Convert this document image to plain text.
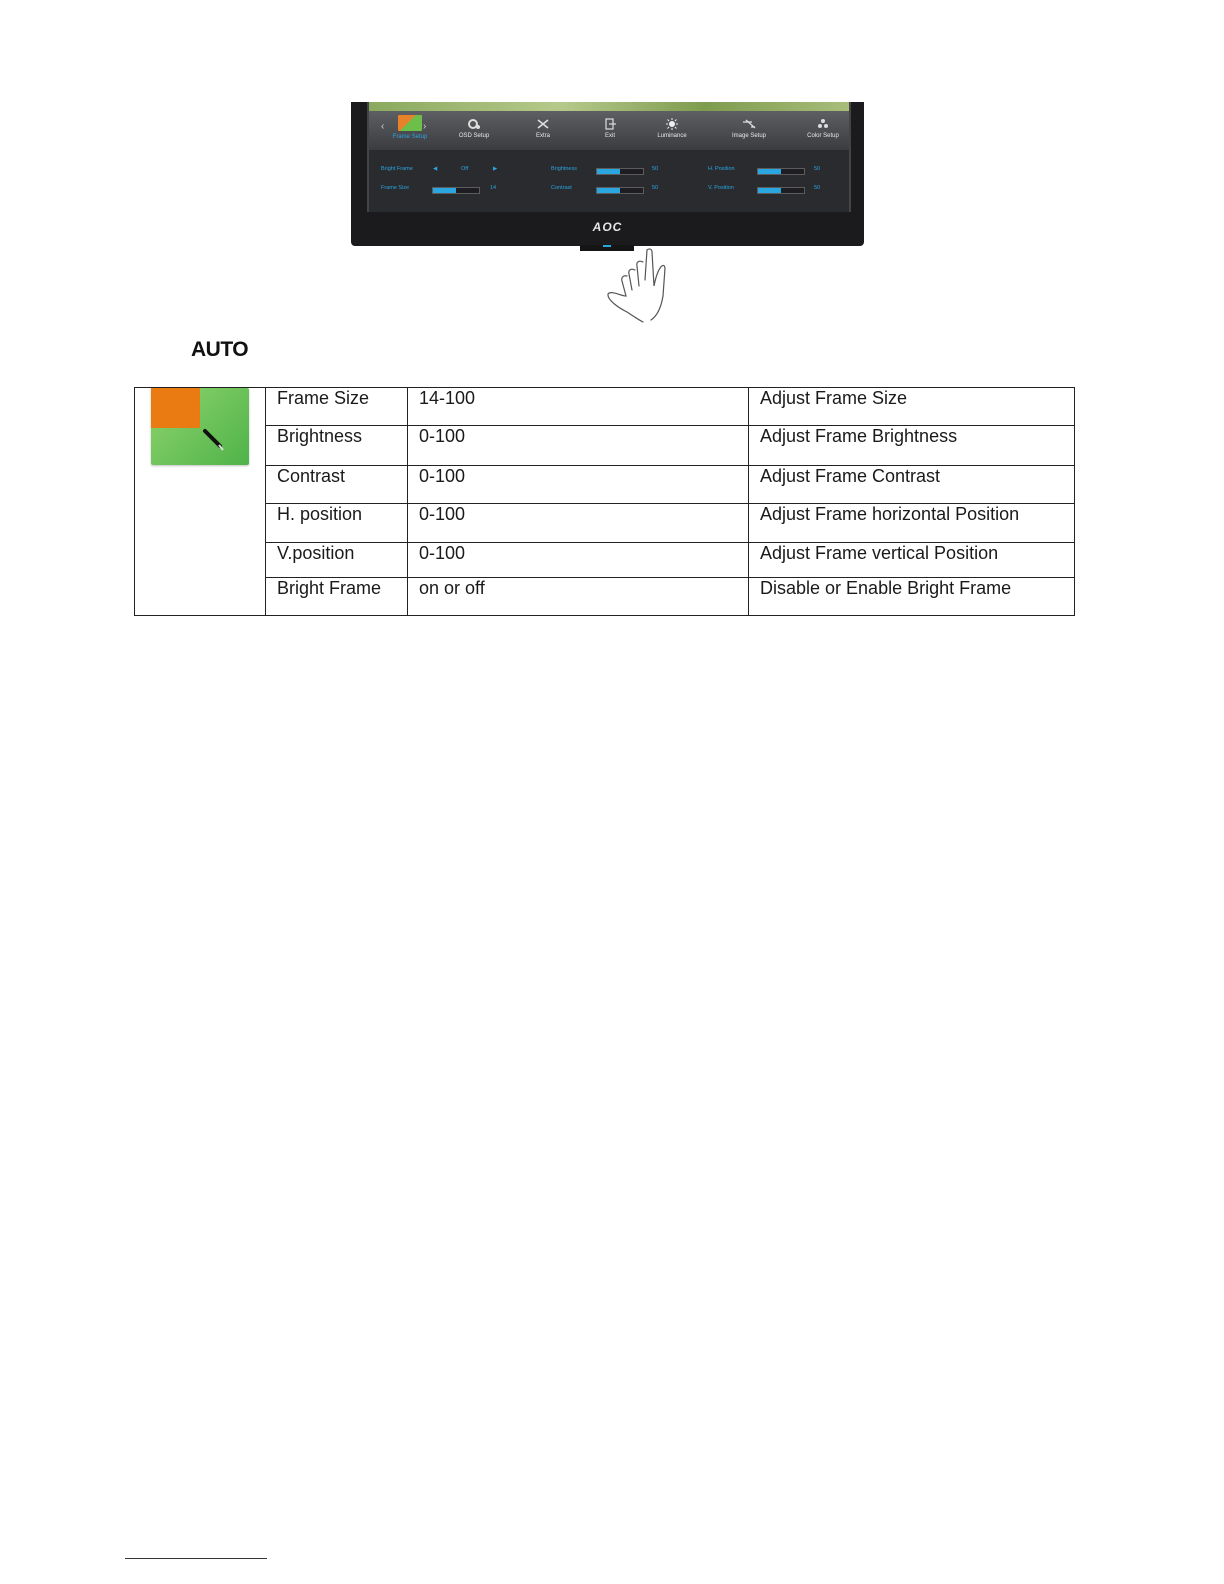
‹
Frame Setup
›
OSD Setup	Extra	Exit	Luminance	Image Setup	Color Setup
Bright Frame	◀	Off	▶
Frame Size	14
Brightness	50
Contrast	50
H. Position	50
V. Position	50
AOC
AUTO
	Frame Size	14-100	Adjust Frame Size
	Brightness	0-100	Adjust Frame Brightness
	Contrast	0-100	Adjust Frame Contrast
	H. position	0-100	Adjust Frame horizontal Position
	V.position	0-100	Adjust Frame vertical Position
	Bright Frame	on or off	Disable or Enable Bright Frame
